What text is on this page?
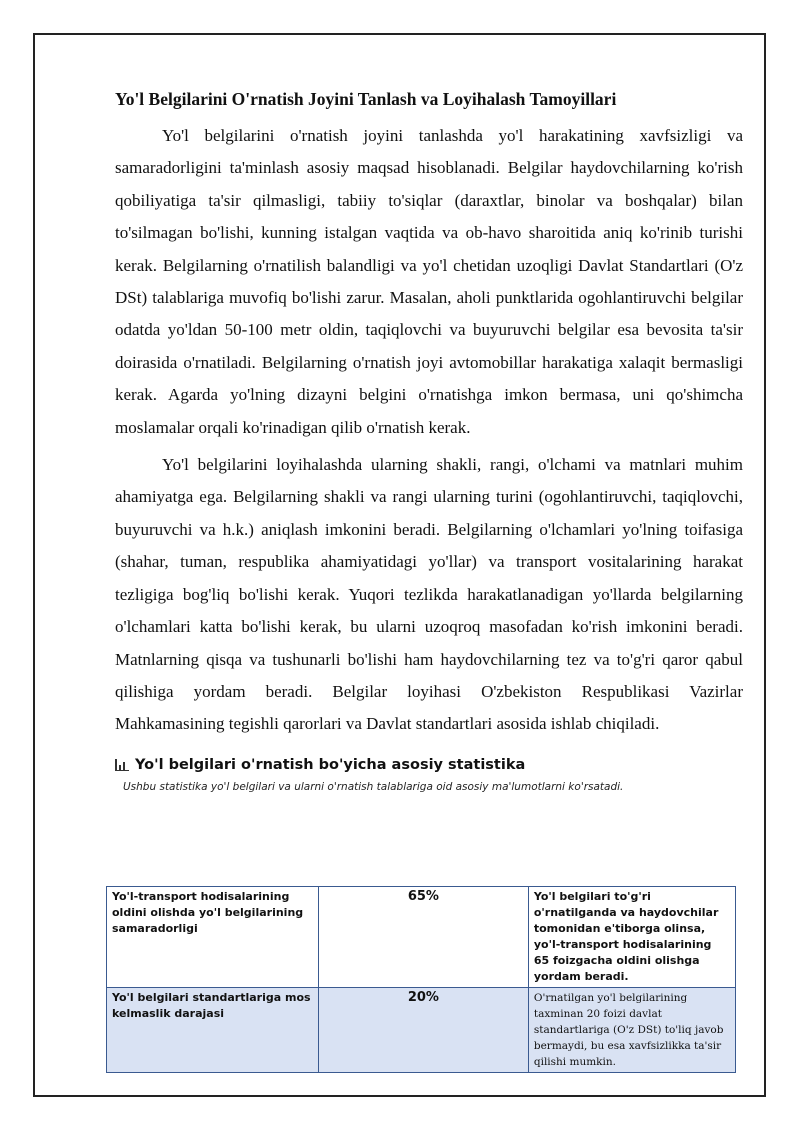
Yo'l Belgilarini O'rnatish Joyini Tanlash va Loyihalash Tamoyillari

Yo'l belgilarini o'rnatish joyini tanlashda yo'l harakatining xavfsizligi va samaradorligini ta'minlash asosiy maqsad hisoblanadi. Belgilar haydovchilarning ko'rish qobiliyatiga ta'sir qilmasligi, tabiiy to'siqlar (daraxtlar, binolar va boshqalar) bilan to'silmagan bo'lishi, kunning istalgan vaqtida va ob-havo sharoitida aniq ko'rinib turishi kerak. Belgilarning o'rnatilish balandligi va yo'l chetidan uzoqligi Davlat Standartlari (O'z DSt) talablariga muvofiq bo'lishi zarur. Masalan, aholi punktlarida ogohlantiruvchi belgilar odatda yo'ldan 50-100 metr oldin, taqiqlovchi va buyuruvchi belgilar esa bevosita ta'sir doirasida o'rnatiladi. Belgilarning o'rnatish joyi avtomobillar harakatiga xalaqit bermasligi kerak. Agarda yo'lning dizayni belgini o'rnatishga imkon bermasa, uni qo'shimcha moslamalar orqali ko'rinadigan qilib o'rnatish kerak.

Yo'l belgilarini loyihalashda ularning shakli, rangi, o'lchami va matnlari muhim ahamiyatga ega. Belgilarning shakli va rangi ularning turini (ogohlantiruvchi, taqiqlovchi, buyuruvchi va h.k.) aniqlash imkonini beradi. Belgilarning o'lchamlari yo'lning toifasiga (shahar, tuman, respublika ahamiyatidagi yo'llar) va transport vositalarining harakat tezligiga bog'liq bo'lishi kerak. Yuqori tezlikda harakatlanadigan yo'llarda belgilarning o'lchamlari katta bo'lishi kerak, bu ularni uzoqroq masofadan ko'rish imkonini beradi. Matnlarning qisqa va tushunarli bo'lishi ham haydovchilarning tez va to'g'ri qaror qabul qilishiga yordam beradi. Belgilar loyihasi O'zbekiston Respublikasi Vazirlar Mahkamasining tegishli qarorlari va Davlat standartlari asosida ishlab chiqiladi.

Yo'l belgilari o'rnatish bo'yicha asosiy statistika
Ushbu statistika yo'l belgilari va ularni o'rnatish talablariga oid asosiy ma'lumotlarni ko'rsatadi.
Yo'l-transport hodisalarining oldini olishda yo'l belgilarining samaradorligi	65%	Yo'l belgilari to'g'ri o'rnatilganda va haydovchilar tomonidan e'tiborga olinsa, yo'l-transport hodisalarining 65 foizgacha oldini olishga yordam beradi.
Yo'l belgilari standartlariga mos kelmaslik darajasi	20%	O'rnatilgan yo'l belgilarining taxminan 20 foizi davlat standartlariga (O'z DSt) to'liq javob bermaydi, bu esa xavfsizlikka ta'sir qilishi mumkin.
